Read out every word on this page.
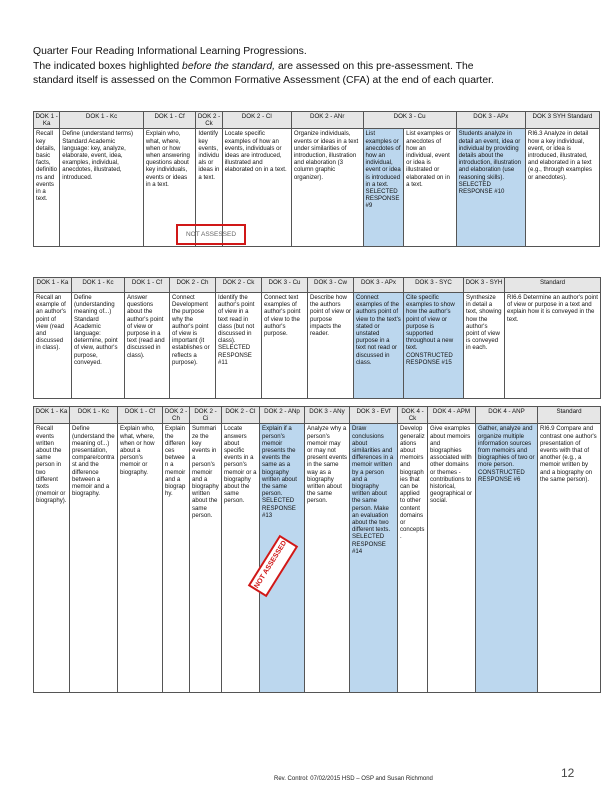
Quarter Four Reading Informational Learning Progressions.

The indicated boxes highlighted before the standard, are assessed on this pre-assessment. The

standard itself is assessed on the Common Formative Assessment (CFA) at the end of each quarter.

DOK 1 - Ka	DOK 1 - Kc	DOK 1 - Cf	DOK 2 - Ck	DOK 2 - Cl	DOK 2 - ANr	DOK 3 - Cu		DOK 3 - APx	DOK 3 SYH Standard
Recall key details, basic facts, definitions and events in a text.	Define (understand terms) Standard Academic language: key, analyze, elaborate, event, idea, examples, individual, anecdotes, illustrated, introduced.	Explain who, what, where, when or how when answering questions about key individuals, events or ideas in a text.	Identify key events, individuals or ideas in a text.	Locate specific examples of how an events, individuals or ideas are introduced, illustrated and elaborated on in a text.	Organize individuals, events or ideas in a text under similarities of introduction, illustration and elaboration (3 column graphic organizer).	List examples or anecdotes of how an individual, event or idea is introduced in a text. SELECTED RESPONSE #9	List examples or anecdotes of how an individual, event or idea is illustrated or elaborated on in a text.	Students analyze in detail an event, idea or individual by providing details about the introduction, illustration and elaboration (use reasoning skills). SELECTED RESPONSE #10	RI6.3 Analyze in detail how a key individual, event, or idea is introduced, illustrated, and elaborated in a text (e.g., through examples or anecdotes).
NOT ASSESSED
DOK 1 - Ka	DOK 1 - Kc	DOK 1 - Cf	DOK 2 - Ch	DOK 2 - Ck	DOK 3 - Cu	DOK 3 - Cw	DOK 3 - APx	DOK 3 - SYC	DOK 3 - SYH	Standard
Recall an example of an author's point of view (read and discussed in class).	Define (understanding meaning of...) Standard Academic language: determine, point of view, author's purpose, conveyed.	Answer questions about the author's point of view or purpose in a text (read and discussed in class).	Connect Development the purpose why the author's point of view is important (it establishes or reflects a purpose).	Identify the author's point of view in a text read in class (but not discussed in class). SELECTED RESPONSE #11	Connect text examples of author's point of view to the author's purpose.	Describe how the authors point of view or purpose impacts the reader.	Connect examples of the authors point of view to the text's stated or unstated purpose in a text not read or discussed in class.	Cite specific examples to show how the author's point of view or purpose is supported throughout a new text. CONSTRUCTED RESPONSE #15	Synthesize in detail a text, showing how the author's point of view is conveyed in each.	RI6.6 Determine an author's point of view or purpose in a text and explain how it is conveyed in the text.
DOK 1 - Ka	DOK 1 - Kc	DOK 1 - Cf	DOK 2 - Ch	DOK 2 - Ci	DOK 2 - CI	DOK 2 - ANp	DOK 3 - ANy	DOK 3 - EVf	DOK 4 - Ck	DOK 4 - APM	DOK 4 - ANP	Standard
Recall events written about the same person in two different texts (memoir or biography).	Define (understand the meaning of...) presentation, compare/contrast and the difference between a memoir and a biography.	Explain who, what, where, when or how about a person's memoir or biography.	Explain the differences between a memoir and a biography.	Summarize the key events in a person's memoir and a biography written about the same person.	Locate answers about specific events in a person's memoir or a biography about the same person.	Explain if a person's memoir presents the events the same as a biography written about the same person. SELECTED RESPONSE #13	Analyze why a person's memoir may or may not present events in the same way as a biography written about the same person.	Draw conclusions about similarities and differences in a memoir written by a person and a biography written about the same person. Make an evaluation about the two different texts. SELECTED RESPONSE #14	Develop generalizations about memoirs and biographies that can be applied to other content domains or concepts.	Give examples about memoirs and biographies associated with other domains or themes - contributions to historical, geographical or social.	Gather, analyze and organize multiple information sources from memoirs and biographies of two or more person. CONSTRUCTED RESPONSE #6	RI6.9 Compare and contrast one author's presentation of events with that of another (e.g., a memoir written by and a biography on the same person).
NOT ASSESSED
Rev. Control: 07/02/2015 HSD – OSP and Susan Richmond	12
